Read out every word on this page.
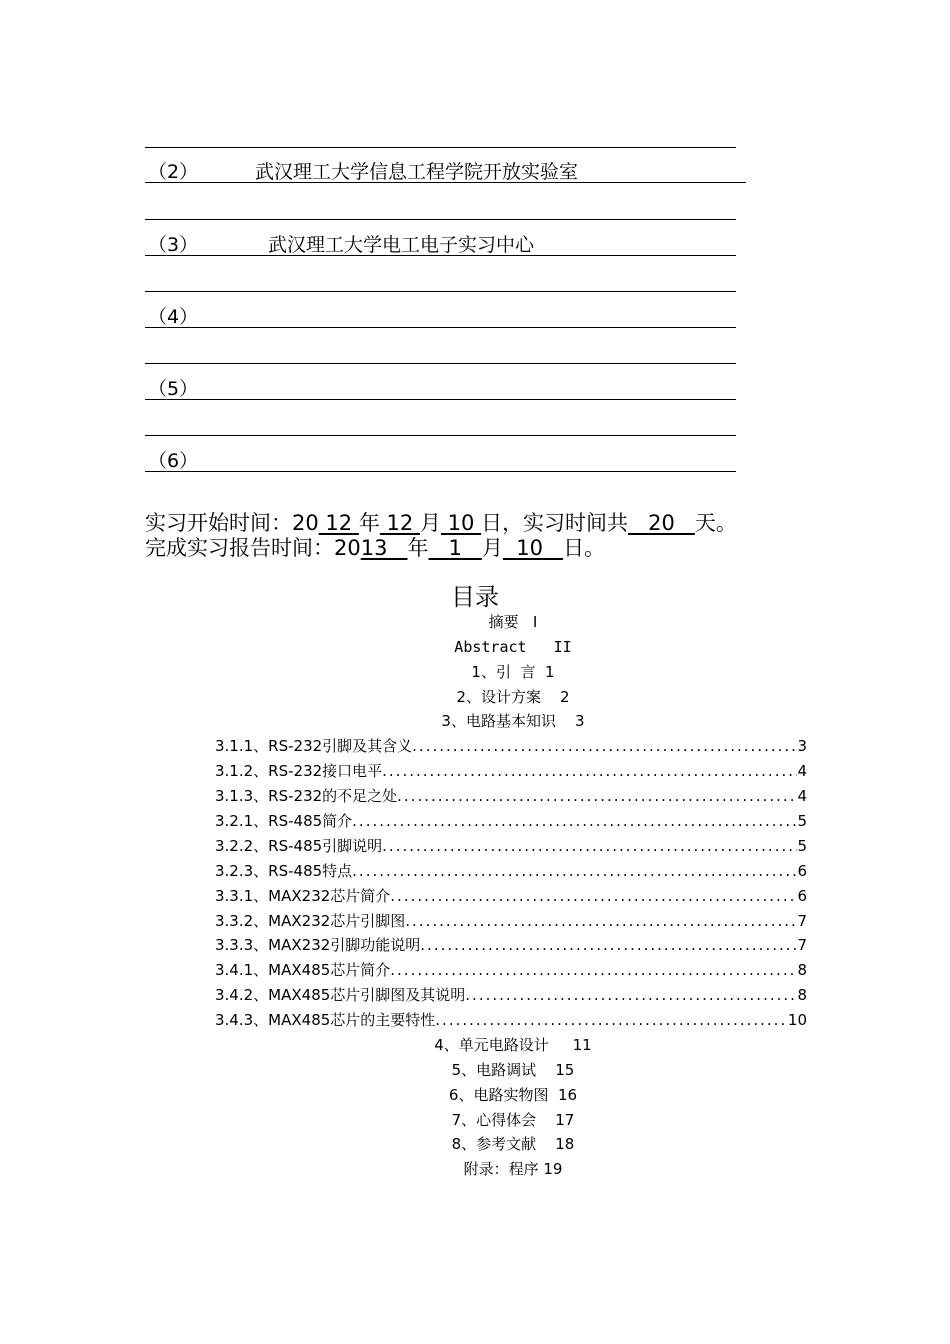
（2）	武汉理工大学信息工程学院开放实验室
（3）	武汉理工大学电工电子实习中心
（4）
（5）
（6）
实习开始时间：20 12 年 12 月 10 日，实习时间共 20 天。
完成实习报告时间：2013 年 1 月 10 日。
目录
摘要   I
Abstract   II
1、引  言  1
2、设计方案    2
3、电路基本知识    3
3.1.1、RS-232引脚及其含义 .....	3
3.1.2、RS-232接口电平 .....	4
3.1.3、RS-232的不足之处 .....	4
3.2.1、RS-485简介 .....	5
3.2.2、RS-485引脚说明 .....	5
3.2.3、RS-485特点 .....	6
3.3.1、MAX232芯片简介 .....	6
3.3.2、MAX232芯片引脚图 .....	7
3.3.3、MAX232引脚功能说明 .....	7
3.4.1、MAX485芯片简介 .....	8
3.4.2、MAX485芯片引脚图及其说明 .....	8
3.4.3、MAX485芯片的主要特性 .....	10
4、单元电路设计     11
5、电路调试    15
6、电路实物图  16
7、心得体会    17
8、参考文献    18
附录：程序 19
